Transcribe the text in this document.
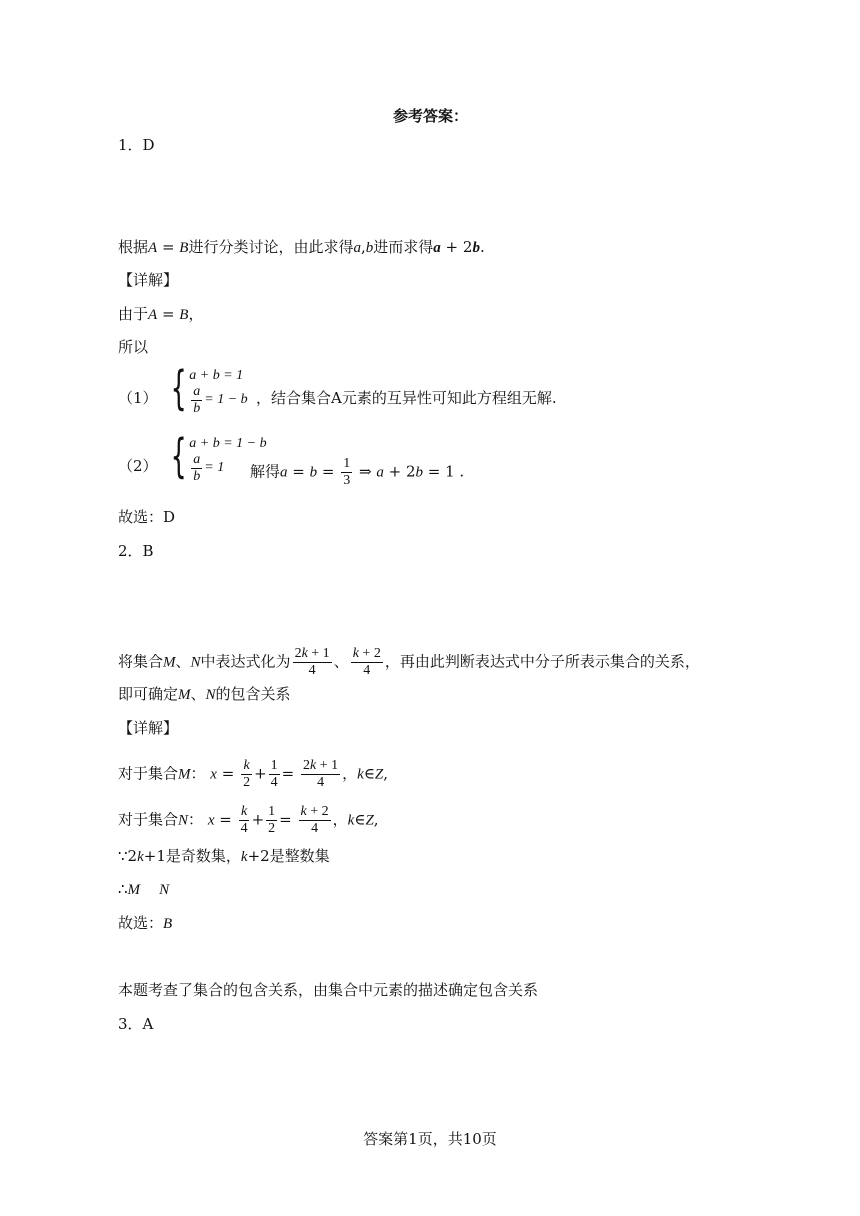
参考答案：
1．D
根据A = B进行分类讨论，由此求得a,b进而求得a + 2b.
【详解】
由于A = B，
所以
（1） { a + b = 1
$\frac{a}{b} = 1 - b$ ，结合集合A元素的互异性可知此方程组无解.
（2） { a + b = 1 − b
$\frac{a}{b} = 1$	解得$a = b = \frac{1}{3}$ ⇒ a + 2b = 1 .
故选：D
2．B
将集合M、N中表达式化为 $\frac{2k + 1}{4}$ 、 $\frac{k + 2}{4}$ ，再由此判断表达式中分子所表示集合的关系，
即可确定M、N的包含关系
【详解】
对于集合M： $x = \frac{k}{2} + \frac{1}{4} = \frac{2k + 1}{4}$ ，k∈Z,
对于集合N： $x = \frac{k}{4} + \frac{1}{2} = \frac{k + 2}{4}$ ，k∈Z,
∵2k+1是奇数集，k+2是整数集
∴M N
故选：B
本题考查了集合的包含关系，由集合中元素的描述确定包含关系
3．A
答案第1页，共10页
